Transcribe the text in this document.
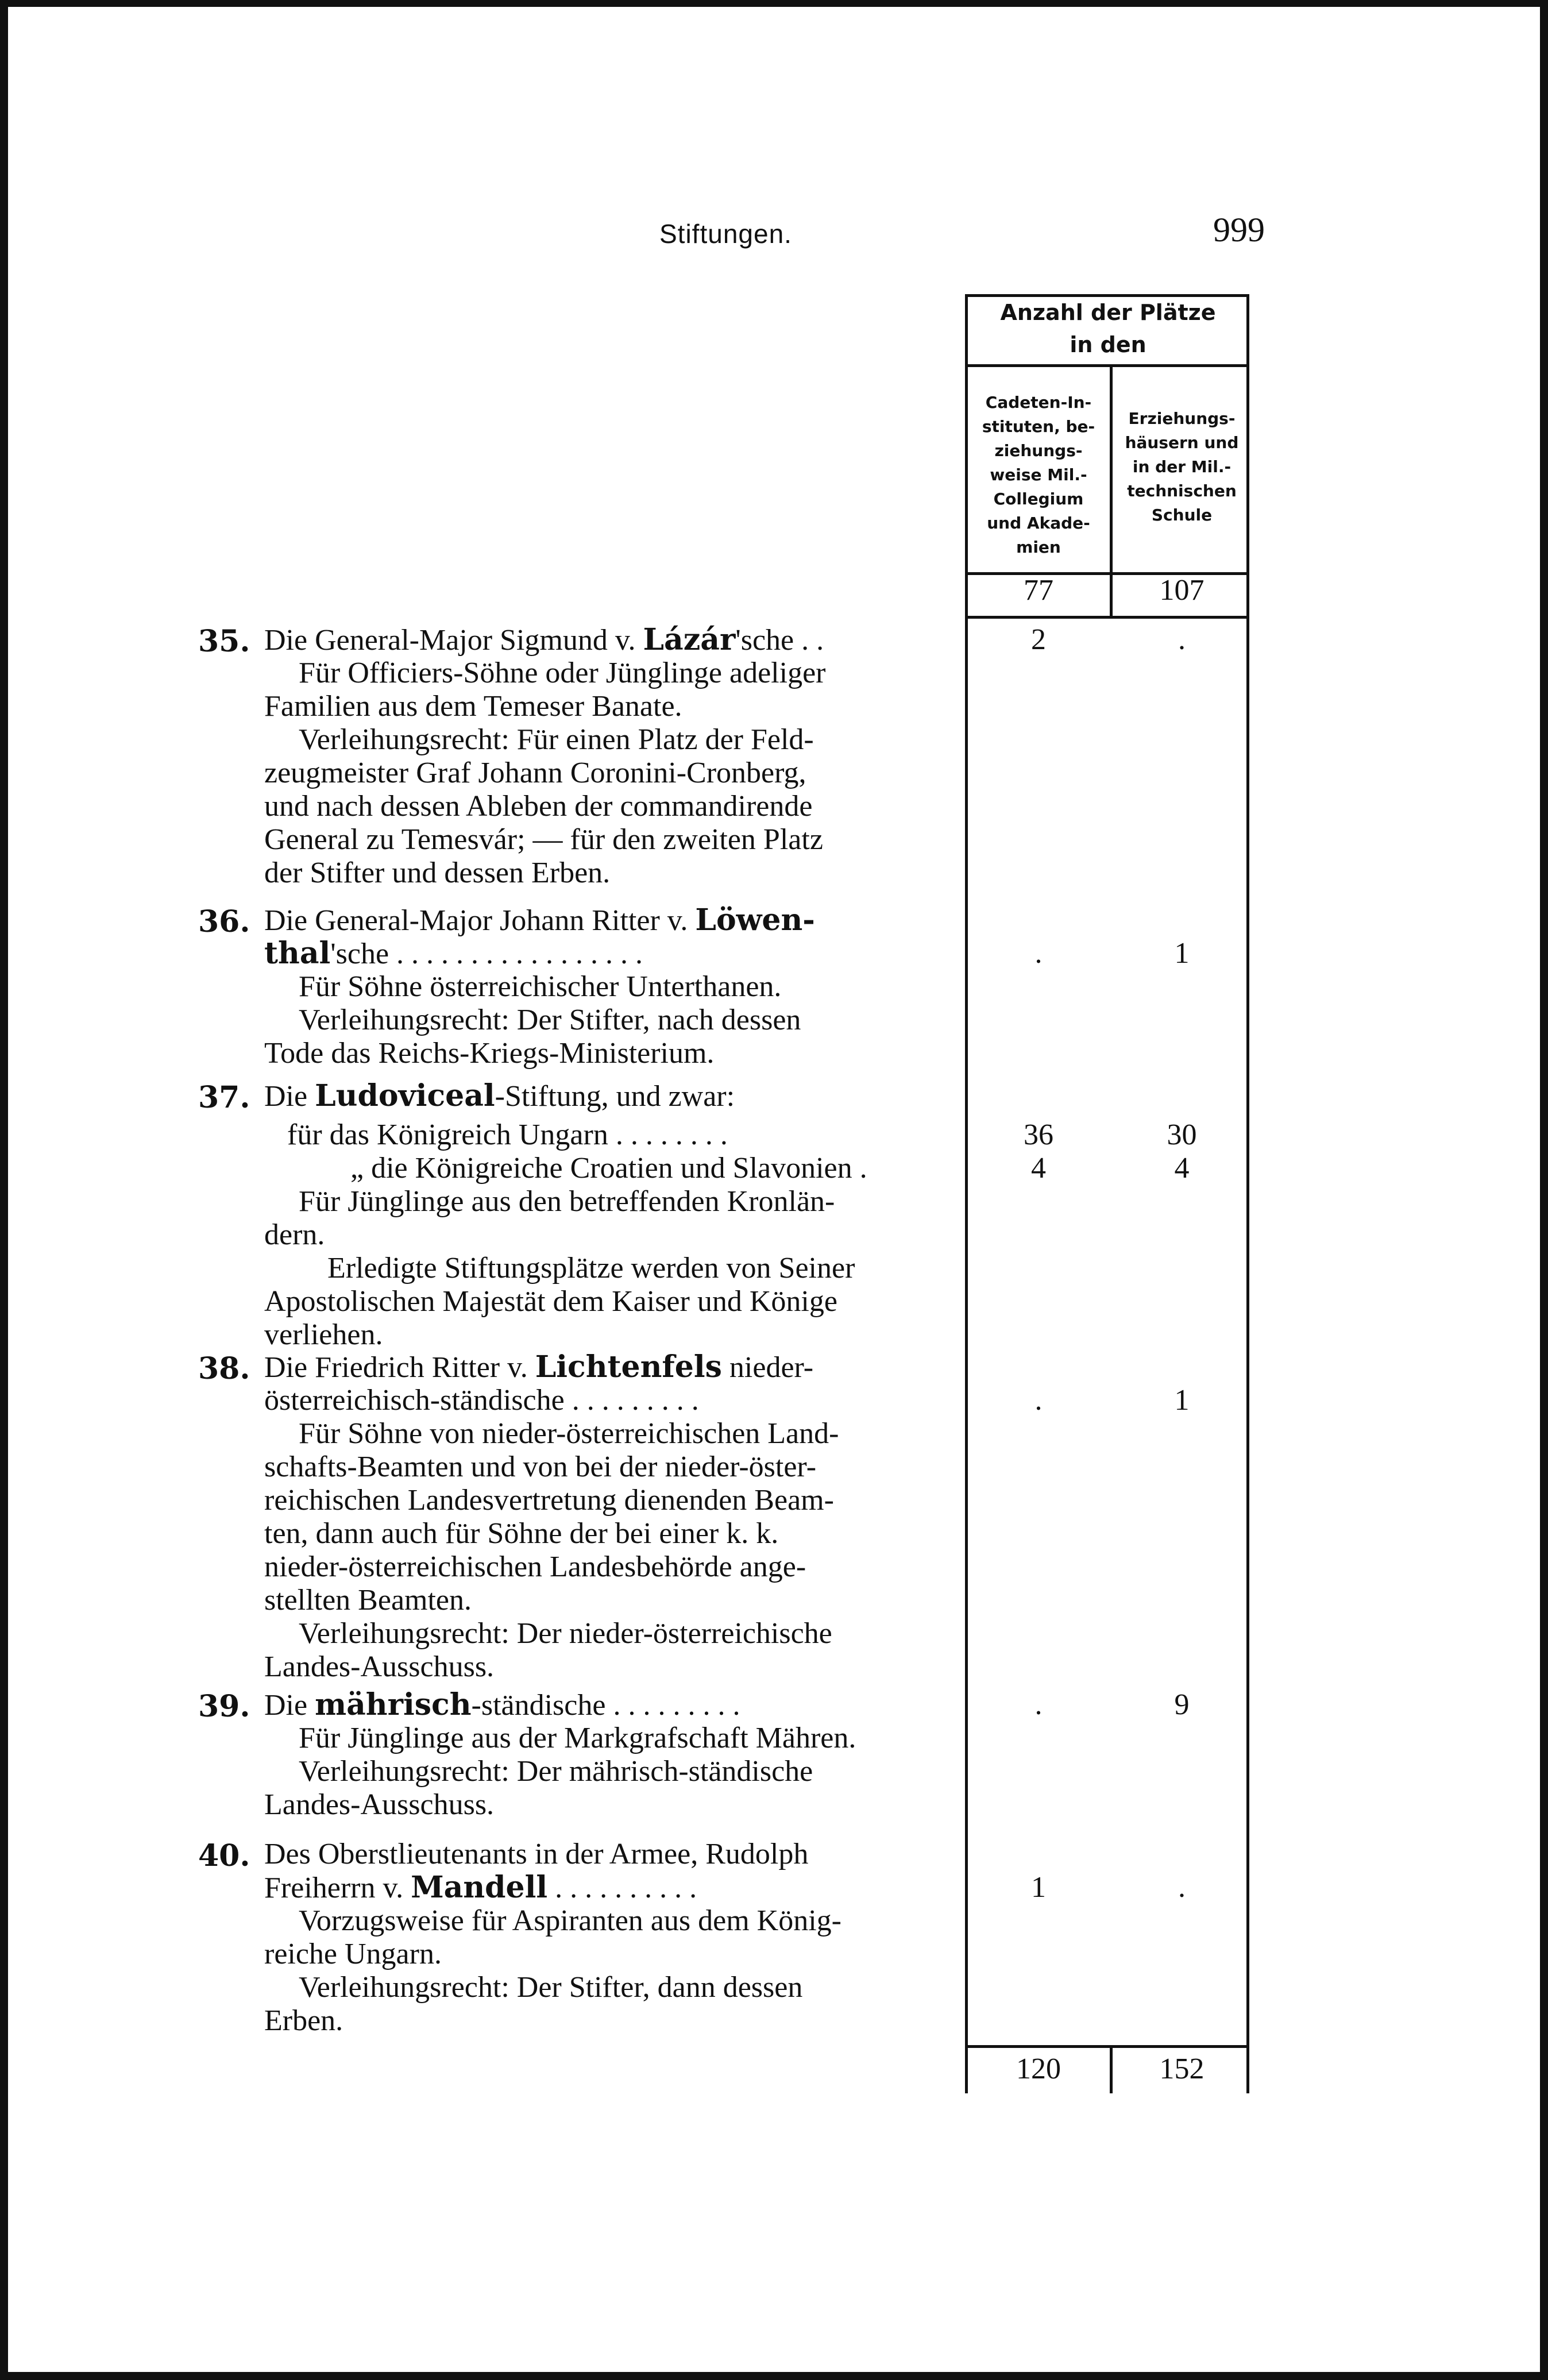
Stiftungen.	999
Anzahl der Plätze
in den
Cadeten-In-
stituten, be-
ziehungs-
weise Mil.-
Collegium
und Akade-
mien
Erziehungs-
häusern und
in der Mil.-
technischen
Schule
77	107
35. Die General-Major Sigmund v. Lázár'sche . .	2	.
Für Officiers-Söhne oder Jünglinge adeliger
Familien aus dem Temeser Banate.
Verleihungsrecht: Für einen Platz der Feld-
zeugmeister Graf Johann Coronini-Cronberg,
und nach dessen Ableben der commandirende
General zu Temesvár; — für den zweiten Platz
der Stifter und dessen Erben.
36. Die General-Major Johann Ritter v. Löwen-
thal'sche . . . . . . . . . . . . . . . . .	.	1
Für Söhne österreichischer Unterthanen.
Verleihungsrecht: Der Stifter, nach dessen
Tode das Reichs-Kriegs-Ministerium.
37. Die Ludoviceal-Stiftung, und zwar:
für das Königreich Ungarn . . . . . . . .	36	30
„ die Königreiche Croatien und Slavonien .	4	4
Für Jünglinge aus den betreffenden Kronlän-
dern.
Erledigte Stiftungsplätze werden von Seiner
Apostolischen Majestät dem Kaiser und Könige
verliehen.
38. Die Friedrich Ritter v. Lichtenfels nieder-
österreichisch-ständische . . . . . . . . .	.	1
Für Söhne von nieder-österreichischen Land-
schafts-Beamten und von bei der nieder-öster-
reichischen Landesvertretung dienenden Beam-
ten, dann auch für Söhne der bei einer k. k.
nieder-österreichischen Landesbehörde ange-
stellten Beamten.
Verleihungsrecht: Der nieder-österreichische
Landes-Ausschuss.
39. Die mährisch-ständische . . . . . . . . .	.	9
Für Jünglinge aus der Markgrafschaft Mähren.
Verleihungsrecht: Der mährisch-ständische
Landes-Ausschuss.
40. Des Oberstlieutenants in der Armee, Rudolph
Freiherrn v. Mandell . . . . . . . . . .	1	.
Vorzugsweise für Aspiranten aus dem König-
reiche Ungarn.
Verleihungsrecht: Der Stifter, dann dessen
Erben.
120	152
